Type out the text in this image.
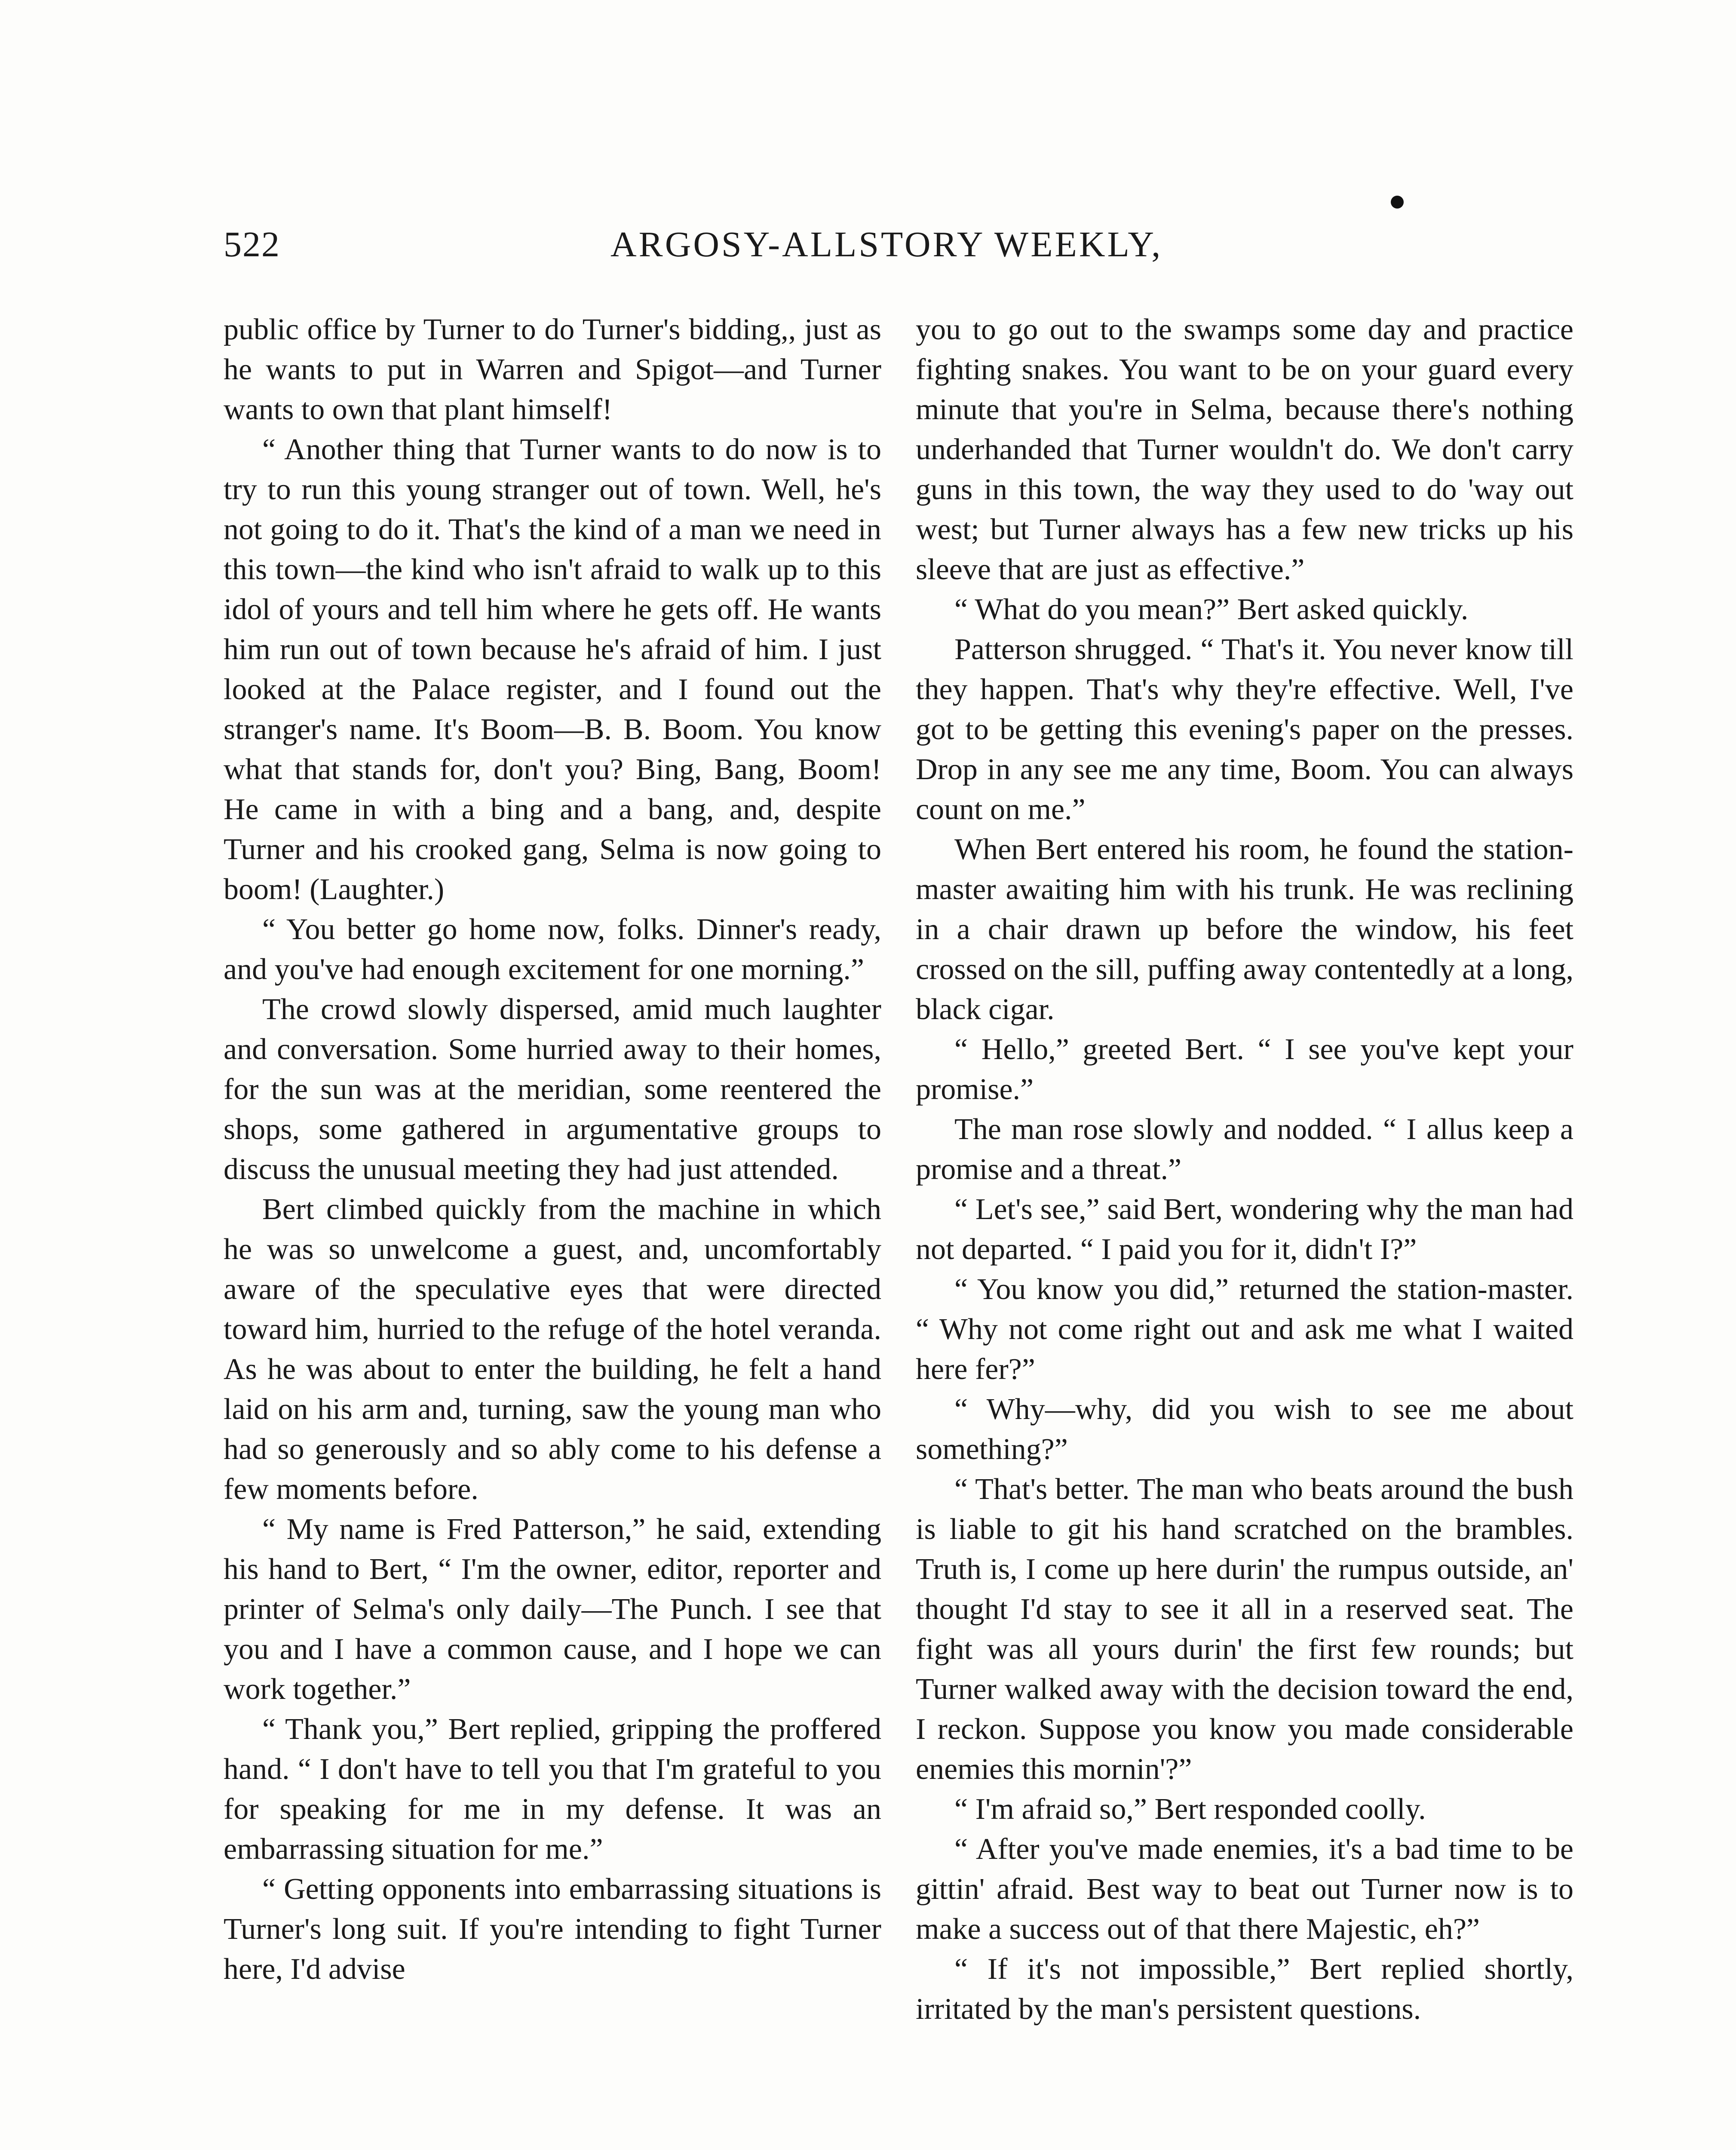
522	ARGOSY-ALLSTORY WEEKLY,

public office by Turner to do Turner's bidding,, just as he wants to put in Warren and Spigot—and Turner wants to own that plant himself!

“ Another thing that Turner wants to do now is to try to run this young stranger out of town. Well, he's not going to do it. That's the kind of a man we need in this town—the kind who isn't afraid to walk up to this idol of yours and tell him where he gets off. He wants him run out of town because he's afraid of him. I just looked at the Palace register, and I found out the stranger's name. It's Boom—B. B. Boom. You know what that stands for, don't you? Bing, Bang, Boom! He came in with a bing and a bang, and, despite Turner and his crooked gang, Selma is now going to boom! (Laughter.)

“ You better go home now, folks. Dinner's ready, and you've had enough excitement for one morning.”

The crowd slowly dispersed, amid much laughter and conversation. Some hurried away to their homes, for the sun was at the meridian, some reentered the shops, some gathered in argumentative groups to discuss the unusual meeting they had just attended.

Bert climbed quickly from the machine in which he was so unwelcome a guest, and, uncomfortably aware of the speculative eyes that were directed toward him, hurried to the refuge of the hotel veranda. As he was about to enter the building, he felt a hand laid on his arm and, turning, saw the young man who had so generously and so ably come to his defense a few moments before.

“ My name is Fred Patterson,” he said, extending his hand to Bert, “ I'm the owner, editor, reporter and printer of Selma's only daily—The Punch. I see that you and I have a common cause, and I hope we can work together.”

“ Thank you,” Bert replied, gripping the proffered hand. “ I don't have to tell you that I'm grateful to you for speaking for me in my defense. It was an embarrassing situation for me.”

“ Getting opponents into embarrassing situations is Turner's long suit. If you're intending to fight Turner here, I'd advise

you to go out to the swamps some day and practice fighting snakes. You want to be on your guard every minute that you're in Selma, because there's nothing underhanded that Turner wouldn't do. We don't carry guns in this town, the way they used to do 'way out west; but Turner always has a few new tricks up his sleeve that are just as effective.”

“ What do you mean?” Bert asked quickly.

Patterson shrugged. “ That's it. You never know till they happen. That's why they're effective. Well, I've got to be getting this evening's paper on the presses. Drop in any see me any time, Boom. You can always count on me.”

When Bert entered his room, he found the station-master awaiting him with his trunk. He was reclining in a chair drawn up before the window, his feet crossed on the sill, puffing away contentedly at a long, black cigar.

“ Hello,” greeted Bert. “ I see you've kept your promise.”

The man rose slowly and nodded. “ I allus keep a promise and a threat.”

“ Let's see,” said Bert, wondering why the man had not departed. “ I paid you for it, didn't I?”

“ You know you did,” returned the station-master. “ Why not come right out and ask me what I waited here fer?”

“ Why—why, did you wish to see me about something?”

“ That's better. The man who beats around the bush is liable to git his hand scratched on the brambles. Truth is, I come up here durin' the rumpus outside, an' thought I'd stay to see it all in a reserved seat. The fight was all yours durin' the first few rounds; but Turner walked away with the decision toward the end, I reckon. Suppose you know you made considerable enemies this mornin'?”

“ I'm afraid so,” Bert responded coolly.

“ After you've made enemies, it's a bad time to be gittin' afraid. Best way to beat out Turner now is to make a success out of that there Majestic, eh?”

“ If it's not impossible,” Bert replied shortly, irritated by the man's persistent questions.
